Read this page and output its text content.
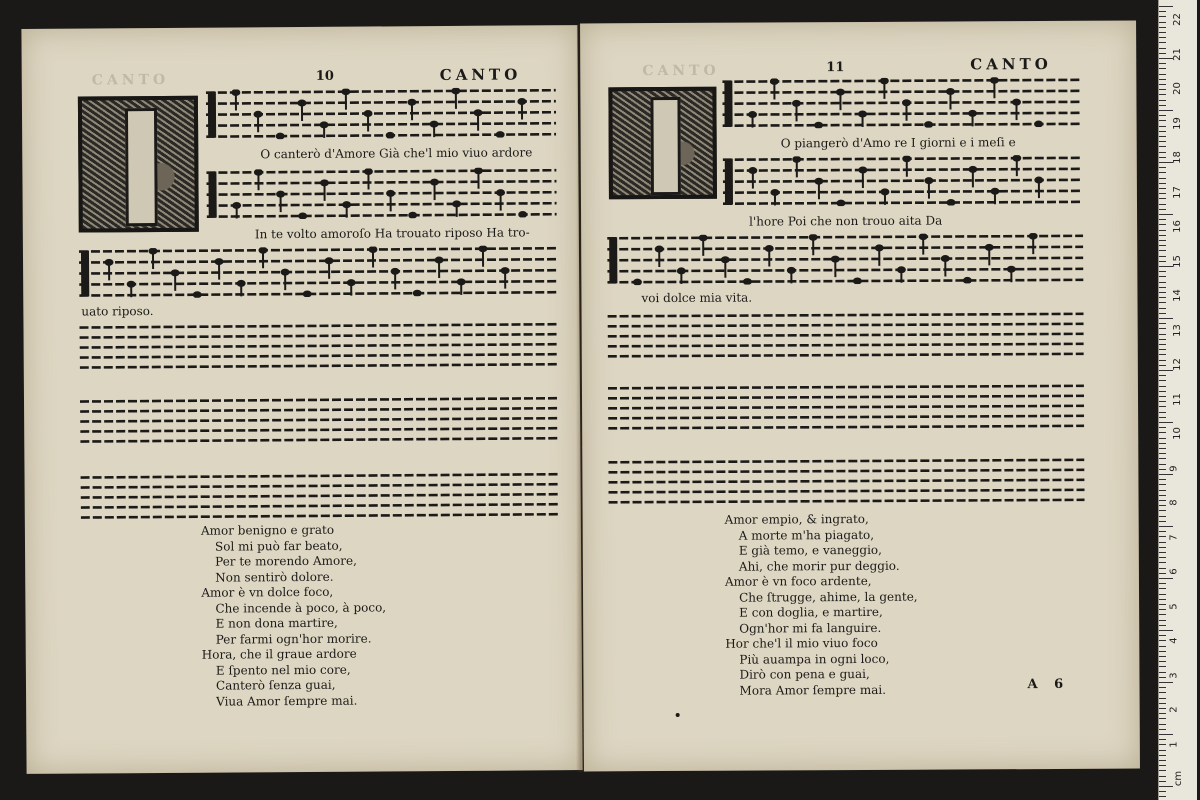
CANTO	10	CANTO
O canterò d'Amore Già che'l mio viuo ardore
In te volto amoroſo Ha trouato riposo Ha tro-
uato riposo.
Amor benigno e grato
Sol mi può far beato,
Per te morendo Amore,
Non sentirò dolore.
Amor è vn dolce foco,
Che incende à poco, à poco,
E non dona martire,
Per farmi ogn'hor morire.
Hora, che il graue ardore
E ſpento nel mio core,
Canterò ſenza guai,
Viua Amor ſempre mai.
CANTO	11	CANTO
O piangerò d'Amo re I giorni e i meſi e
l'hore Poi che non trouo aita Da
voi dolce mia vita.
Amor empio, & ingrato,
A morte m'ha piagato,
E già temo, e vaneggio,
Ahi, che morir pur deggio.
Amor è vn foco ardente,
Che ſtrugge, ahime, la gente,
E con doglia, e martire,
Ogn'hor mi fa languire.
Hor che'l il mio viuo foco
Più auampa in ogni loco,
Dirò con pena e guai,
Mora Amor ſempre mai.	A 6
22
21
20
19
18
17
16
15
14
13
12
11
10
9
8
7
6
5
4
3
2
1
cm
